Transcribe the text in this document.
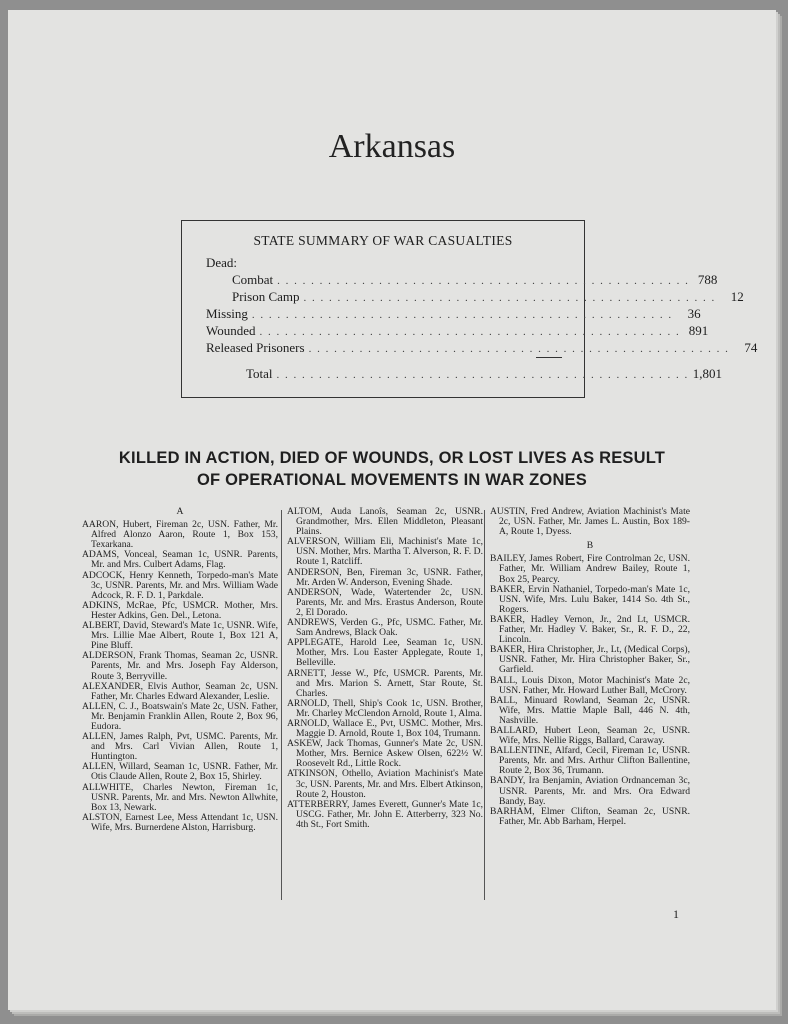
Arkansas
STATE SUMMARY OF WAR CASUALTIES
Dead:
Combat . . . . . . . . . . . . . . . . . . . . . . . . . . . . . . . . . . . . . . . . . . . . . . . . . 788
Prison Camp . . . . . . . . . . . . . . . . . . . . . . . . . . . . . . . . . . . . . . . . . . . . . . . . .	12
Missing . . . . . . . . . . . . . . . . . . . . . . . . . . . . . . . . . . . . . . . . . . . . . . . . . .	36
Wounded . . . . . . . . . . . . . . . . . . . . . . . . . . . . . . . . . . . . . . . . . . . . . . . . . . 891
Released Prisoners . . . . . . . . . . . . . . . . . . . . . . . . . . . . . . . . . . . . . . . . . . . . . . . . . .	74
Total . . . . . . . . . . . . . . . . . . . . . . . . . . . . . . . . . . . . . . . . . . . . . . . . . 1,801
KILLED IN ACTION, DIED OF WOUNDS, OR LOST LIVES AS RESULT
OF OPERATIONAL MOVEMENTS IN WAR ZONES
A

AARON, Hubert, Fireman 2c, USN. Father, Mr. Alfred Alonzo Aaron, Route 1, Box 153, Texarkana.

ADAMS, Vonceal, Seaman 1c, USNR. Parents, Mr. and Mrs. Culbert Adams, Flag.

ADCOCK, Henry Kenneth, Torpedo-man's Mate 3c, USNR. Parents, Mr. and Mrs. William Wade Adcock, R. F. D. 1, Parkdale.

ADKINS, McRae, Pfc, USMCR. Mother, Mrs. Hester Adkins, Gen. Del., Letona.

ALBERT, David, Steward's Mate 1c, USNR. Wife, Mrs. Lillie Mae Albert, Route 1, Box 121 A, Pine Bluff.

ALDERSON, Frank Thomas, Seaman 2c, USNR. Parents, Mr. and Mrs. Joseph Fay Alderson, Route 3, Berryville.

ALEXANDER, Elvis Author, Seaman 2c, USN. Father, Mr. Charles Edward Alexander, Leslie.

ALLEN, C. J., Boatswain's Mate 2c, USN. Father, Mr. Benjamin Franklin Allen, Route 2, Box 96, Eudora.

ALLEN, James Ralph, Pvt, USMC. Parents, Mr. and Mrs. Carl Vivian Allen, Route 1, Huntington.

ALLEN, Willard, Seaman 1c, USNR. Father, Mr. Otis Claude Allen, Route 2, Box 15, Shirley.

ALLWHITE, Charles Newton, Fireman 1c, USNR. Parents, Mr. and Mrs. Newton Allwhite, Box 13, Newark.

ALSTON, Earnest Lee, Mess Attendant 1c, USN. Wife, Mrs. Burnerdene Alston, Harrisburg.

ALTOM, Auda Lanoîs, Seaman 2c, USNR. Grandmother, Mrs. Ellen Middleton, Pleasant Plains.

ALVERSON, William Eli, Machinist's Mate 1c, USN. Mother, Mrs. Martha T. Alverson, R. F. D. Route 1, Ratcliff.

ANDERSON, Ben, Fireman 3c, USNR. Father, Mr. Arden W. Anderson, Evening Shade.

ANDERSON, Wade, Watertender 2c, USN. Parents, Mr. and Mrs. Erastus Anderson, Route 2, El Dorado.

ANDREWS, Verden G., Pfc, USMC. Father, Mr. Sam Andrews, Black Oak.

APPLEGATE, Harold Lee, Seaman 1c, USN. Mother, Mrs. Lou Easter Applegate, Route 1, Belleville.

ARNETT, Jesse W., Pfc, USMCR. Parents, Mr. and Mrs. Marion S. Arnett, Star Route, St. Charles.

ARNOLD, Thell, Ship's Cook 1c, USN. Brother, Mr. Charley McClendon Arnold, Route 1, Alma.

ARNOLD, Wallace E., Pvt, USMC. Mother, Mrs. Maggie D. Arnold, Route 1, Box 104, Trumann.

ASKEW, Jack Thomas, Gunner's Mate 2c, USN. Mother, Mrs. Bernice Askew Olsen, 622½ W. Roosevelt Rd., Little Rock.

ATKINSON, Othello, Aviation Machinist's Mate 3c, USN. Parents, Mr. and Mrs. Elbert Atkinson, Route 2, Houston.

ATTERBERRY, James Everett, Gunner's Mate 1c, USCG. Father, Mr. John E. Atterberry, 323 No. 4th St., Fort Smith.

AUSTIN, Fred Andrew, Aviation Machinist's Mate 2c, USN. Father, Mr. James L. Austin, Box 189-A, Route 1, Dyess.

B

BAILEY, James Robert, Fire Controlman 2c, USN. Father, Mr. William Andrew Bailey, Route 1, Box 25, Pearcy.

BAKER, Ervin Nathaniel, Torpedo-man's Mate 1c, USN. Wife, Mrs. Lulu Baker, 1414 So. 4th St., Rogers.

BAKER, Hadley Vernon, Jr., 2nd Lt, USMCR. Father, Mr. Hadley V. Baker, Sr., R. F. D., 22, Lincoln.

BAKER, Hira Christopher, Jr., Lt, (Medical Corps), USNR. Father, Mr. Hira Christopher Baker, Sr., Garfield.

BALL, Louis Dixon, Motor Machinist's Mate 2c, USN. Father, Mr. Howard Luther Ball, McCrory.

BALL, Minuard Rowland, Seaman 2c, USNR. Wife, Mrs. Mattie Maple Ball, 446 N. 4th, Nashville.

BALLARD, Hubert Leon, Seaman 2c, USNR. Wife, Mrs. Nellie Riggs, Ballard, Caraway.

BALLENTINE, Alfard, Cecil, Fireman 1c, USNR. Parents, Mr. and Mrs. Arthur Clifton Ballentine, Route 2, Box 36, Trumann.

BANDY, Ira Benjamin, Aviation Ordnanceman 3c, USNR. Parents, Mr. and Mrs. Ora Edward Bandy, Bay.

BARHAM, Elmer Clifton, Seaman 2c, USNR. Father, Mr. Abb Barham, Herpel.

1
